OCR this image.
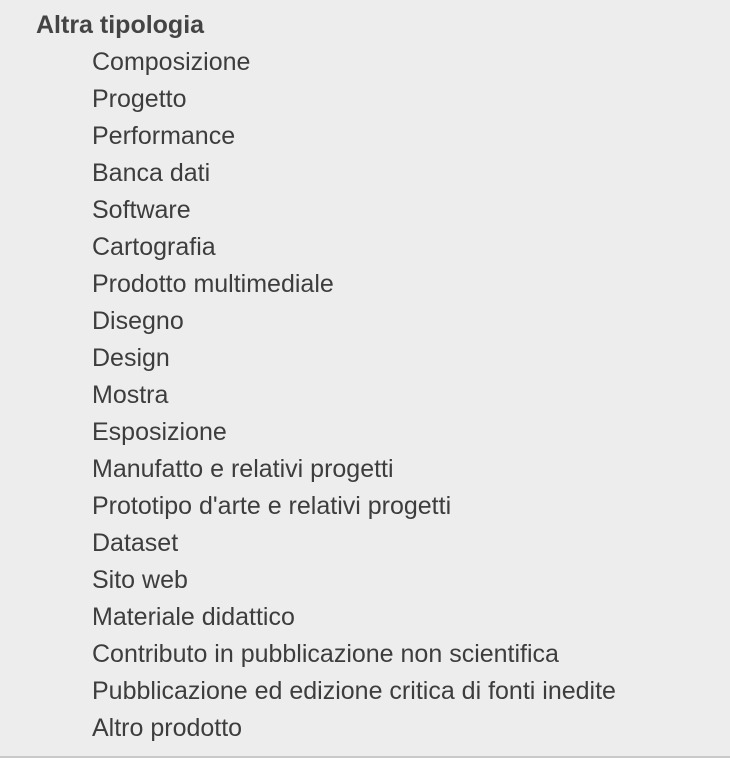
Altra tipologia
Composizione
Progetto
Performance
Banca dati
Software
Cartografia
Prodotto multimediale
Disegno
Design
Mostra
Esposizione
Manufatto e relativi progetti
Prototipo d'arte e relativi progetti
Dataset
Sito web
Materiale didattico
Contributo in pubblicazione non scientifica
Pubblicazione ed edizione critica di fonti inedite
Altro prodotto
